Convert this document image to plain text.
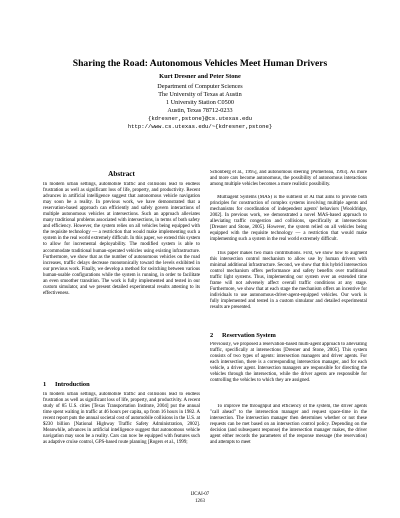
Sharing the Road: Autonomous Vehicles Meet Human Drivers
Kurt Dresner and Peter Stone
Department of Computer Sciences
The University of Texas at Austin
1 University Station C0500
Austin, Texas 78712-0233
{kdresner,pstone}@cs.utexas.edu
http://www.cs.utexas.edu/~{kdresner,pstone}
Abstract

In modern urban settings, automobile traffic and collisions lead to endless frustration as well as significant loss of life, property, and productivity. Recent advances in artificial intelligence suggest that autonomous vehicle navigation may soon be a reality. In previous work, we have demonstrated that a reservation-based approach can efficiently and safely govern interactions of multiple autonomous vehicles at intersections. Such an approach alleviates many traditional problems associated with intersections, in terms of both safety and efficiency. However, the system relies on all vehicles being equipped with the requisite technology — a restriction that would make implementing such a system in the real world extremely difficult. In this paper, we extend this system to allow for incremental deployability. The modified system is able to accommodate traditional human-operated vehicles using existing infrastructure. Furthermore, we show that as the number of autonomous vehicles on the road increases, traffic delays decrease monotonically toward the levels exhibited in our previous work. Finally, we develop a method for switching between various human-usable configurations while the system is running, in order to facilitate an even smoother transition. The work is fully implemented and tested in our custom simulator, and we present detailed experimental results attesting to its effectiveness.

1 Introduction

In modern urban settings, automobile traffic and collisions lead to endless frustration as well as significant loss of life, property, and productivity. A recent study of 85 U.S. cities [Texas Transportation Institute, 2004] put the annual time spent waiting in traffic at 46 hours per capita, up from 16 hours in 1982. A recent report puts the annual societal cost of automobile collisions in the U.S. at $230 billion [National Highway Traffic Safety Administration, 2002]. Meanwhile, advances in artificial intelligence suggest that autonomous vehicle navigation may soon be a reality. Cars can now be equipped with features such as adaptive cruise control, GPS-based route planning [Rogers et al., 1999;

Schonberg et al., 1995], and autonomous steering [Pomerleau, 1993]. As more and more cars become autonomous, the possibility of autonomous interactions among multiple vehicles becomes a more realistic possibility.

Multiagent Systems (MAS) is the subfield of AI that aims to provide both principles for construction of complex systems involving multiple agents and mechanisms for coordination of independent agents' behaviors [Wooldridge, 2002]. In previous work, we demonstrated a novel MAS-based approach to alleviating traffic congestion and collisions, specifically at intersections [Dresner and Stone, 2005]. However, the system relied on all vehicles being equipped with the requisite technology — a restriction that would make implementing such a system in the real world extremely difficult.

This paper makes two main contributions. First, we show how to augment this intersection control mechanism to allow use by human drivers with minimal additional infrastructure. Second, we show that this hybrid intersection control mechanism offers performance and safety benefits over traditional traffic light systems. Thus, implementing our system over an extended time frame will not adversely affect overall traffic conditions at any stage. Furthermore, we show that at each stage the mechanism offers an incentive for individuals to use autonomous-driver-agent-equipped vehicles. Our work is fully implemented and tested in a custom simulator and detailed experimental results are presented.

2 Reservation System

Previously, we proposed a reservation-based multi-agent approach to alleviating traffic, specifically at intersections [Dresner and Stone, 2005]. This system consists of two types of agents: intersection managers and driver agents. For each intersection, there is a corresponding intersection manager, and for each vehicle, a driver agent. Intersection managers are responsible for directing the vehicles through the intersection, while the driver agents are responsible for controlling the vehicles to which they are assigned.

To improve the throughput and efficiency of the system, the driver agents "call ahead" to the intersection manager and request space-time in the intersection. The intersection manager then determines whether or not these requests can be met based on an intersection control policy. Depending on the decision (and subsequent response) the intersection manager makes, the driver agent either records the parameters of the response message (the reservation) and attempts to meet

IJCAI-07
1263
